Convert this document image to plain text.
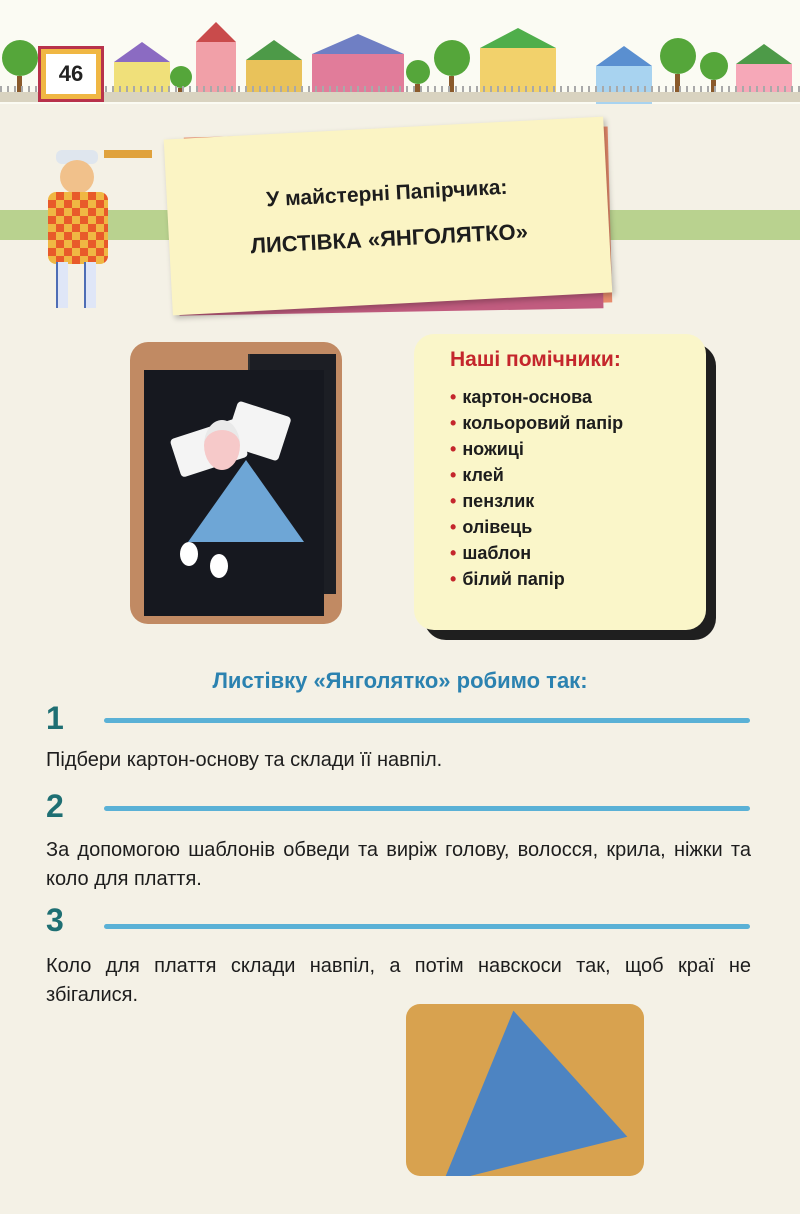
46
У майстерні Папірчика:
ЛИСТІВКА «ЯНГОЛЯТКО»
Наші помічники:
• картон-основа
• кольоровий папір
• ножиці
• клей
• пензлик
• олівець
• шаблон
• білий папір
Листівку «Янголятко» робимо так:
1
Підбери картон-основу та склади її навпіл.
2
За допомогою шаблонів обведи та виріж голову, волосся, крила, ніжки та коло для плаття.
3
Коло для плаття склади навпіл, а потім навскоси так, щоб краї не збігалися.
